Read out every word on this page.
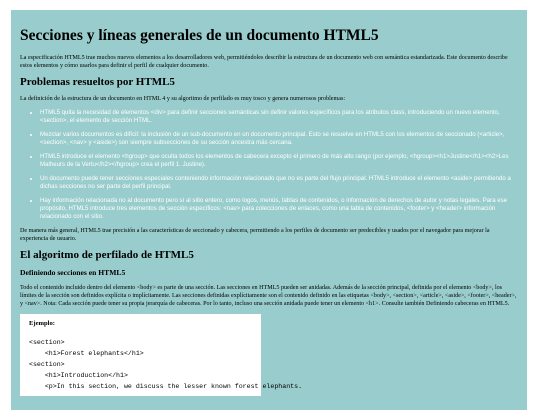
Secciones y líneas generales de un documento HTML5

La especificación HTML5 trae muchos nuevos elementos a los desarrolladores web, permitiéndoles describir la estructura de un documento web con semántica estandarizada. Este documento describe estos elementos y cómo usarlos para definir el perfil de cualquier documento.

Problemas resueltos por HTML5

La definición de la estructura de un documento en HTML 4 y su algoritmo de perfilado es muy tosco y genera numerosos problemas:

• HTML5 quita la necesidad de elementos <div> para definir secciones semánticas sin definir valores específicos para los atributos class, introduciendo un nuevo elemento, <section>, el elemento de sección HTML.
• Mezclar varios documentos es difícil: la inclusión de un sub-documento en un documento principal. Esto se resuelve en HTML5 con los elementos de seccionado (<article>, <section>, <nav> y <aside>) son siempre subsecciones de su sección ancestra más cercana.
• HTML5 introduce el elemento <hgroup> que oculta todos los elementos de cabecera excepto el primero de más alto rango (por ejemplo, <hgroup><h1>Justine</h1><h2>Les Malheurs de la Vertu</h2></hgroup> crea el perfil 1. Justine).
• Un documento puede tener secciones especiales conteniendo información relacionado que no es parte del flujo principal. HTML5 introduce el elemento <aside> permitiendo a dichas secciones no ser parte del perfil principal.
• Hay información relacionada no al documento pero sí al sitio entero, como logos, menús, tablas de contenidos, o información de derechos de autor y notas legales. Para ese propósito, HTML5 introduce tres elementos de sección específicos: <nav> para colecciones de enlaces, como una tabla de contenidos, <footer> y <header> información relacionado con el sitio.

De manera más general, HTML5 trae precisión a las características de seccionado y cabecera, permitiendo a los perfiles de documento ser predecibles y usados por el navegador para mejorar la experiencia de usuario.

El algoritmo de perfilado de HTML5
Definiendo secciones en HTML5

Todo el contenido incluido dentro del elemento <body> es parte de una sección. Las secciones en HTML5 pueden ser anidadas. Además de la sección principal, definida por el elemento <body>, los límites de la sección son definidos explícita o implícitamente. Las secciones definidas explícitamente son el contenido definido en las etiquetas <body>, <section>, <article>, <aside>, <footer>, <header>, y <nav>. Nota: Cada sección puede tener su propia jerarquía de cabeceras. Por lo tanto, incluso una sección anidada puede tener un elemento <h1>. Consulte también Definiendo cabeceras en HTML5.

Ejemplo:
<section>
<h1>Forest elephants</h1>
<section>
<h1>Introduction</h1>
<p>In this section, we discuss the lesser known forest elephants.
